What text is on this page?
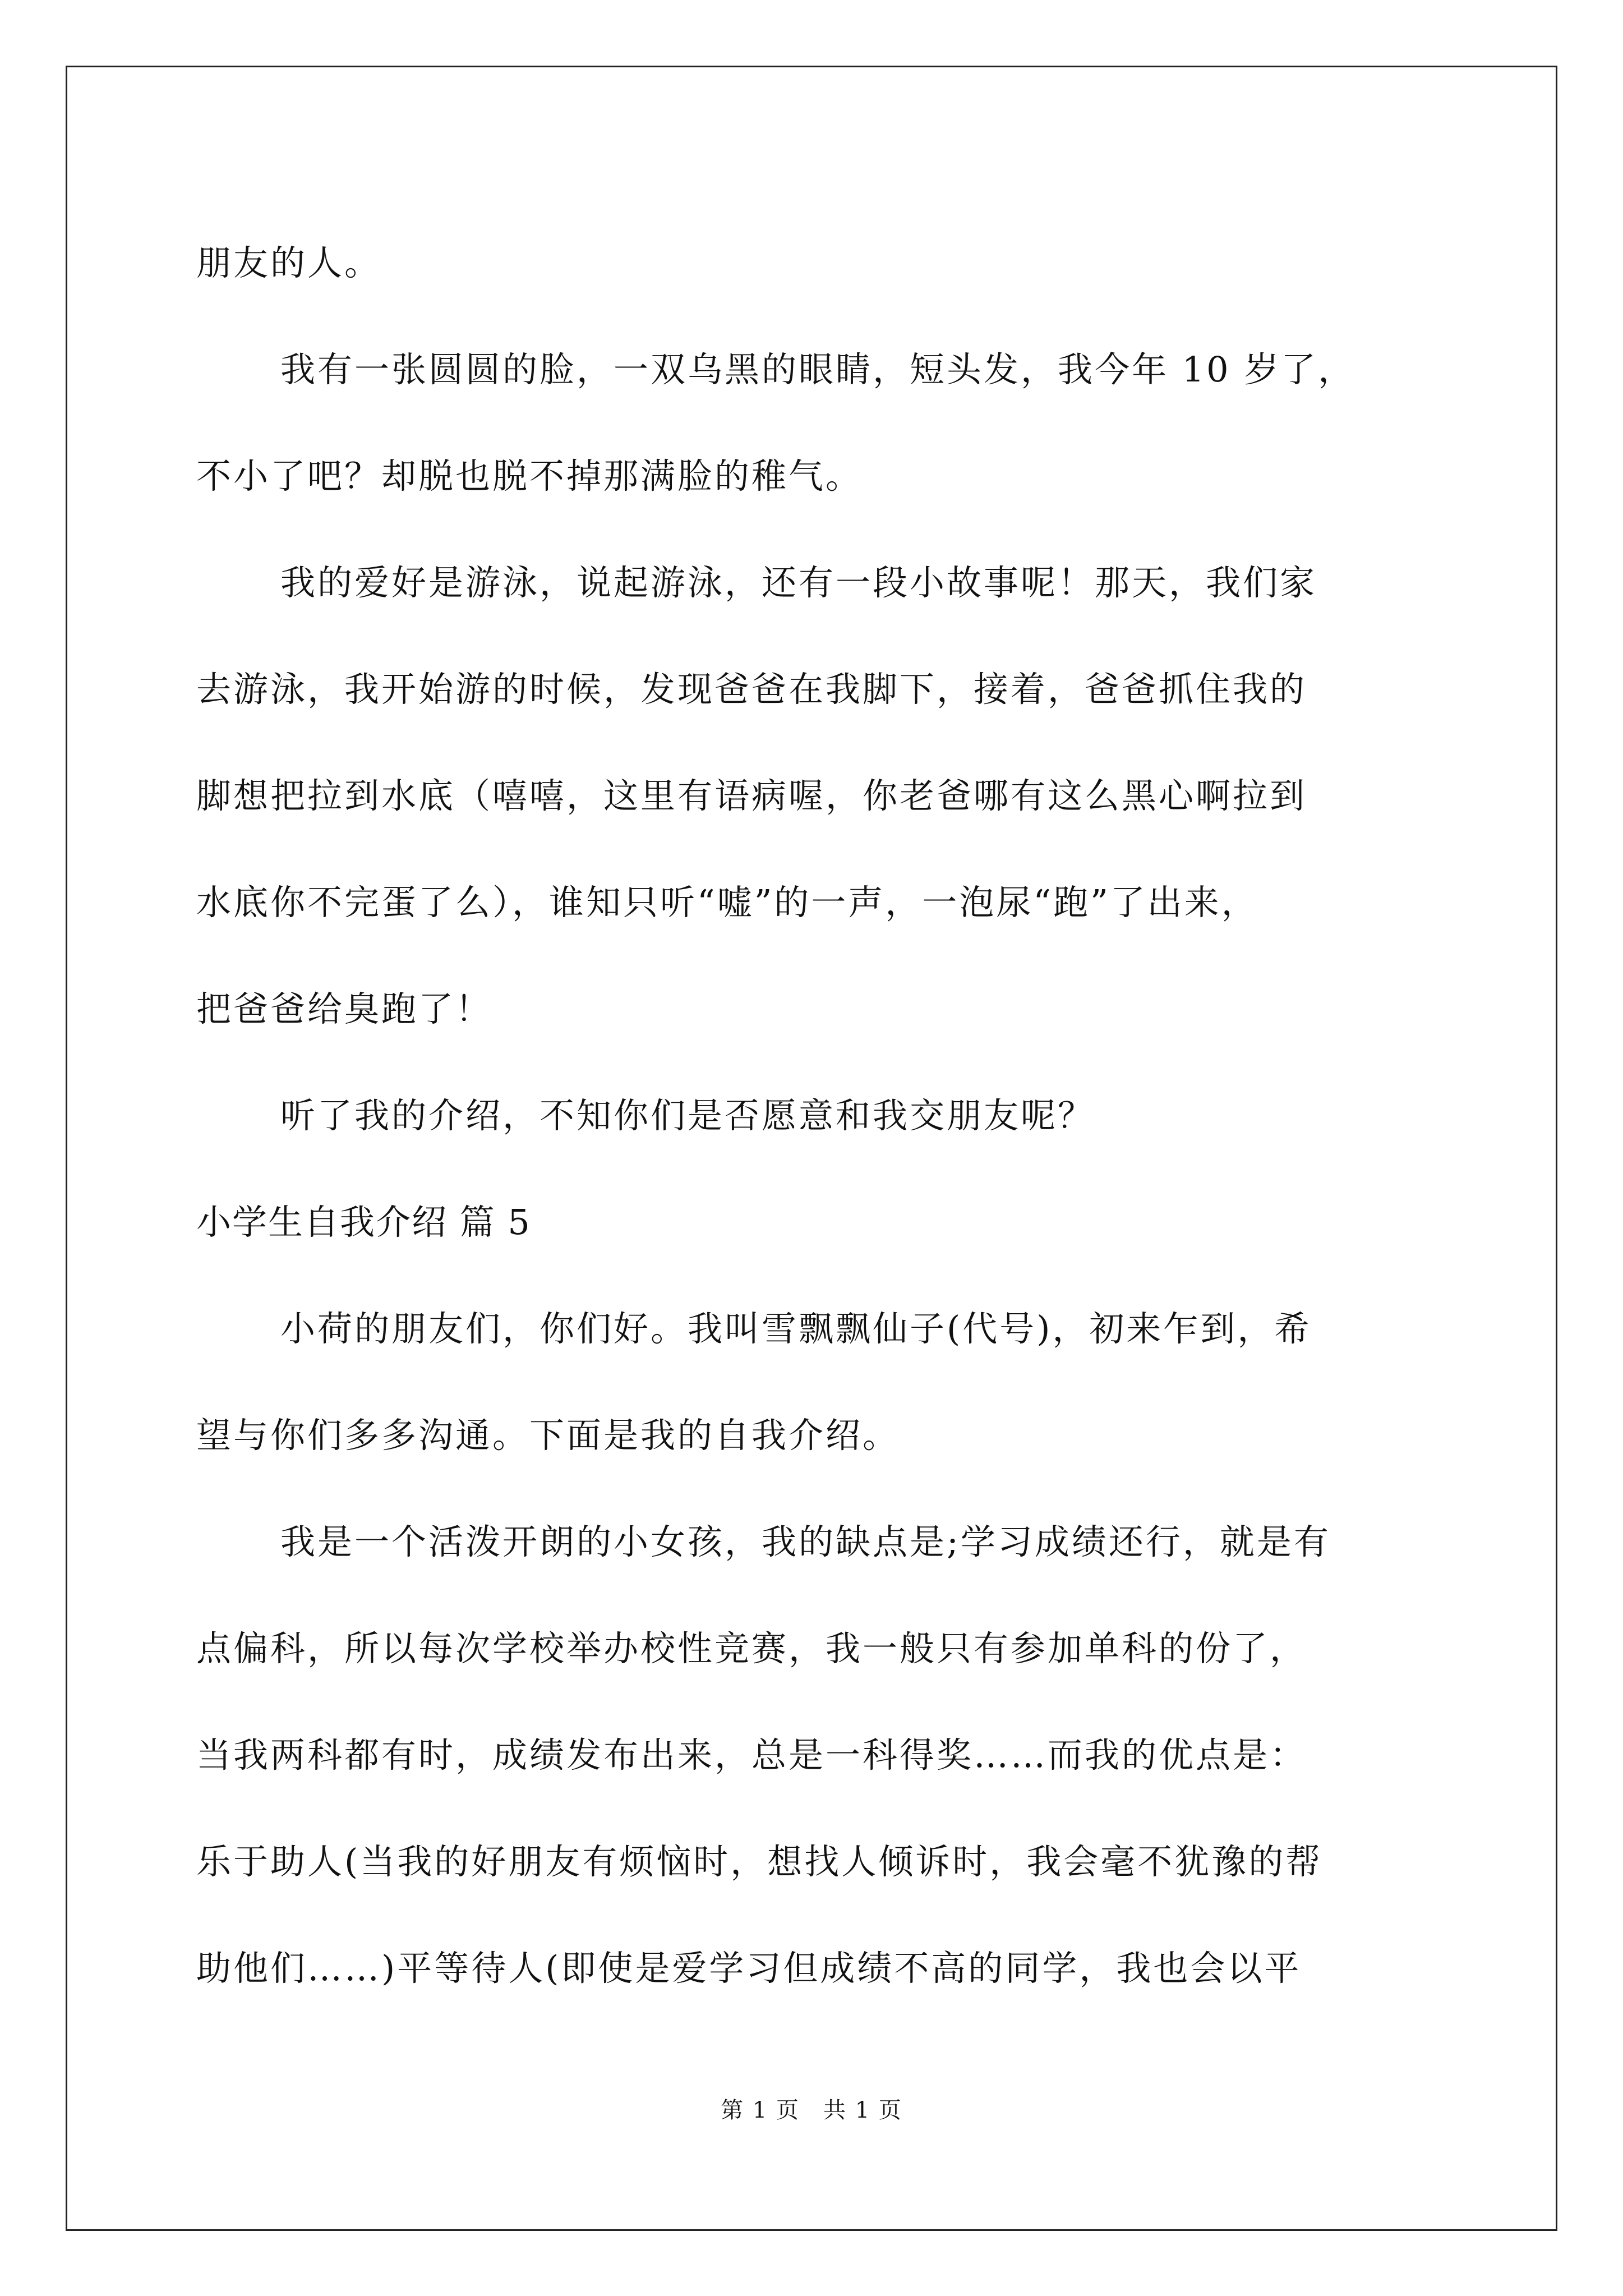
朋友的人。
我有一张圆圆的脸，一双乌黑的眼睛，短头发，我今年 10 岁了，
不小了吧？却脱也脱不掉那满脸的稚气。
我的爱好是游泳，说起游泳，还有一段小故事呢！那天，我们家
去游泳，我开始游的时候，发现爸爸在我脚下，接着，爸爸抓住我的
脚想把拉到水底（嘻嘻，这里有语病喔，你老爸哪有这么黑心啊拉到
水底你不完蛋了么），谁知只听“嘘”的一声，一泡尿“跑”了出来，
把爸爸给臭跑了！
听了我的介绍，不知你们是否愿意和我交朋友呢？
小学生自我介绍 篇 5
小荷的朋友们，你们好。我叫雪飘飘仙子(代号)，初来乍到，希
望与你们多多沟通。下面是我的自我介绍。
我是一个活泼开朗的小女孩，我的缺点是;学习成绩还行，就是有
点偏科，所以每次学校举办校性竞赛，我一般只有参加单科的份了，
当我两科都有时，成绩发布出来，总是一科得奖……而我的优点是：
乐于助人(当我的好朋友有烦恼时，想找人倾诉时，我会毫不犹豫的帮
助他们……)平等待人(即使是爱学习但成绩不高的同学，我也会以平
第 1 页　共 1 页
